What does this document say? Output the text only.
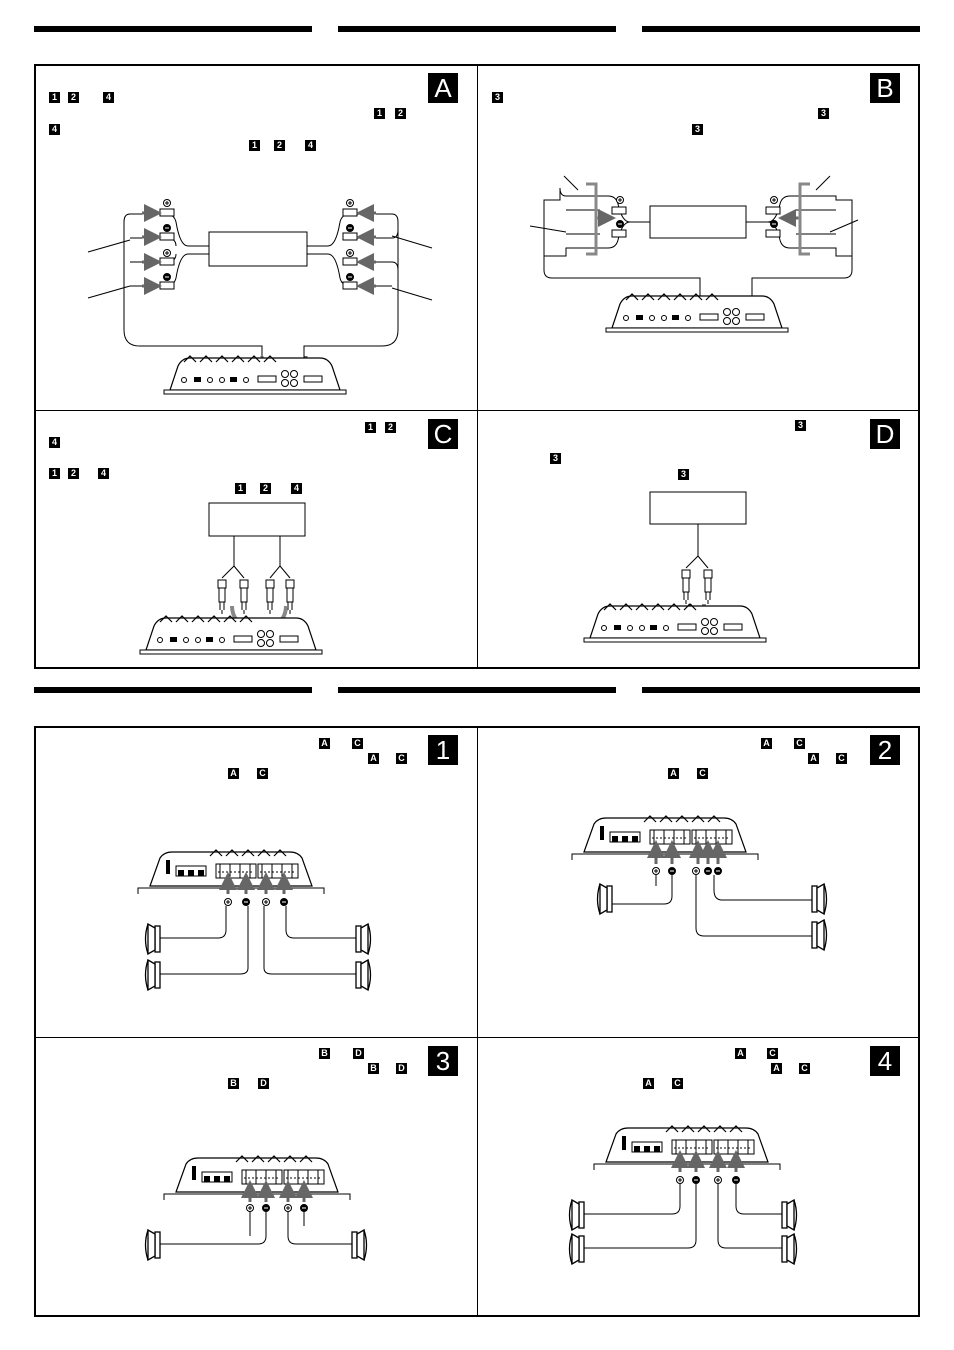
A	B
C	D
1	2
3	4
1	2	4
1	2
4
1	2	4
3
3
3
1	2
4
1	2	4
1	2	4
3
3
3
A	C
A C
A	C
A	C
A C
A	C
B	D
B D
B	D
A	C
A C
A	C
